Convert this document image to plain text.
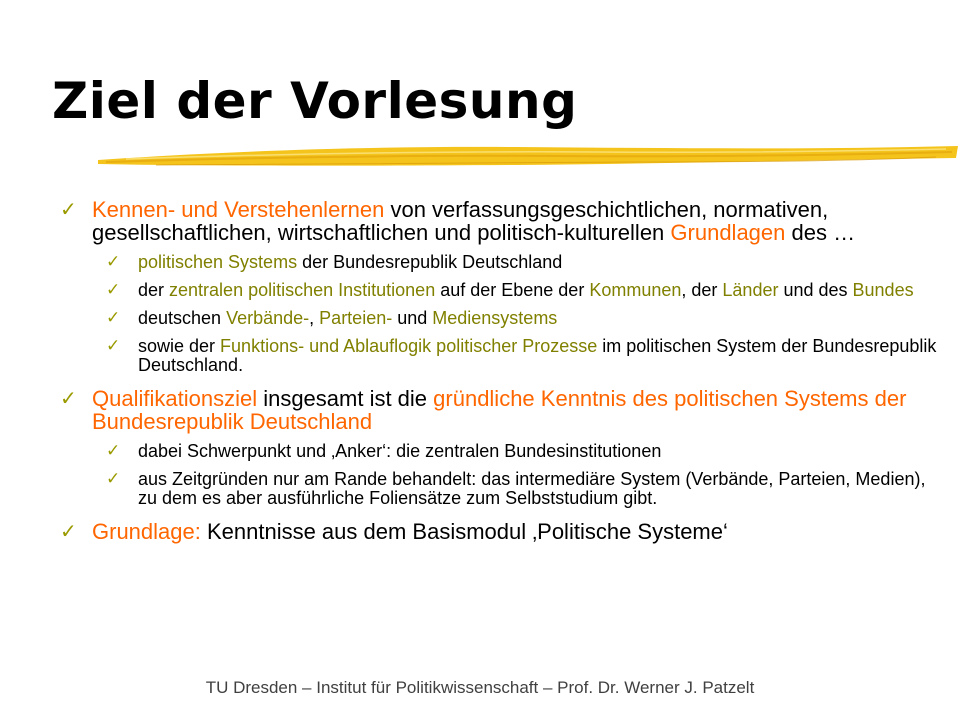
Ziel der Vorlesung
✓ Kennen- und Verstehenlernen von verfassungsgeschichtlichen, normativen, gesellschaftlichen, wirtschaftlichen und politisch-kulturellen Grundlagen des …
✓ politischen Systems der Bundesrepublik Deutschland
✓ der zentralen politischen Institutionen auf der Ebene der Kommunen, der Länder und des Bundes
✓ deutschen Verbände-, Parteien- und Mediensystems
✓ sowie der Funktions- und Ablauflogik politischer Prozesse im politischen System der Bundesrepublik Deutschland.
✓ Qualifikationsziel insgesamt ist die gründliche Kenntnis des politischen Systems der Bundesrepublik Deutschland
✓ dabei Schwerpunkt und ‚Anker‘: die zentralen Bundesinstitutionen
✓ aus Zeitgründen nur am Rande behandelt: das intermediäre System (Verbände, Parteien, Medien), zu dem es aber ausführliche Foliensätze zum Selbststudium gibt.
✓ Grundlage: Kenntnisse aus dem Basismodul ‚Politische Systeme‘
TU Dresden – Institut für Politikwissenschaft – Prof. Dr. Werner J. Patzelt
